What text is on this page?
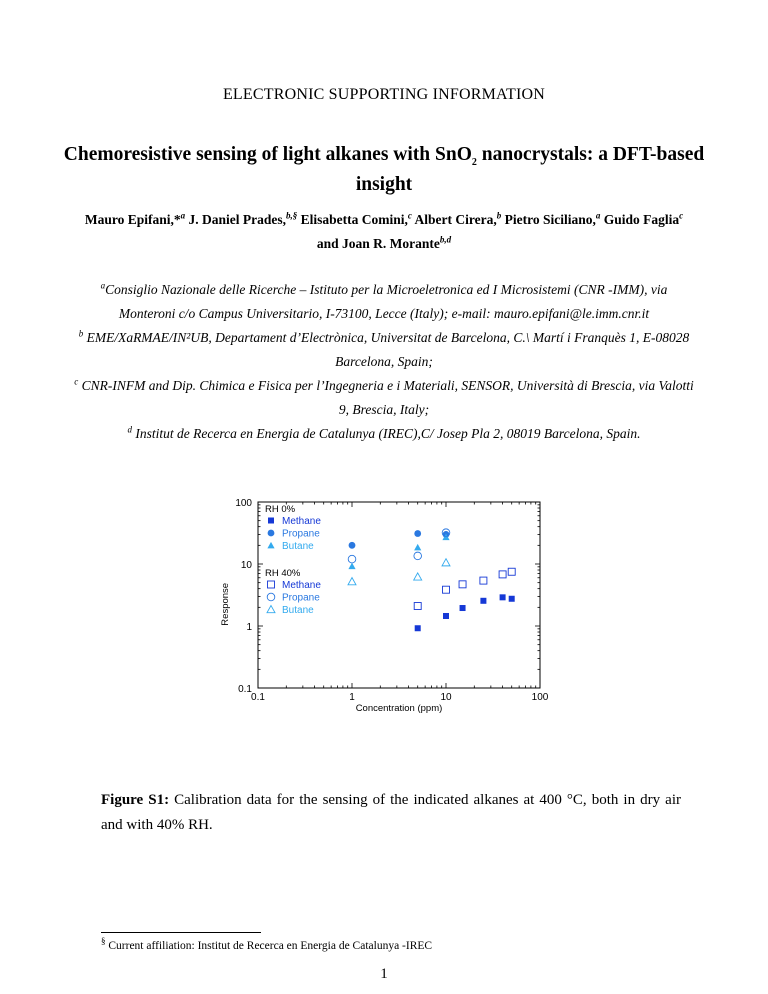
ELECTRONIC SUPPORTING INFORMATION
Chemoresistive sensing of light alkanes with SnO$_2$ nanocrystals: a DFT-based insight
Mauro Epifani,*$^a$ J. Daniel Prades,$^{b,\S}$ Elisabetta Comini,$^c$ Albert Cirera,$^b$ Pietro Siciliano,$^a$ Guido Faglia$^c$ and Joan R. Morante$^{b,d}$
$^a$Consiglio Nazionale delle Ricerche – Istituto per la Microeletronica ed I Microsistemi (CNR -IMM), via Monteroni c/o Campus Universitario, I-73100, Lecce (Italy); e-mail: mauro.epifani@le.imm.cnr.it
$^b$ EME/XaRMAE/IN²UB, Departament d’Electrònica, Universitat de Barcelona, C.\ Martí i Franquès 1, E-08028 Barcelona, Spain;
$^c$ CNR-INFM and Dip. Chimica e Fisica per l’Ingegneria e i Materiali, SENSOR, Università di Brescia, via Valotti 9, Brescia, Italy;
$^d$ Institut de Recerca en Energia de Catalunya (IREC),C/ Josep Pla 2, 08019 Barcelona, Spain.
0.1	1	10	100
0.1
1
10
100
Concentration (ppm)
Response
RH 0%
Methane
Propane
Butane
RH 40%
Methane
Propane
Butane
Figure S1: Calibration data for the sensing of the indicated alkanes at 400 °C, both in dry air and with 40% RH.
§ Current affiliation: Institut de Recerca en Energia de Catalunya -IREC
1
